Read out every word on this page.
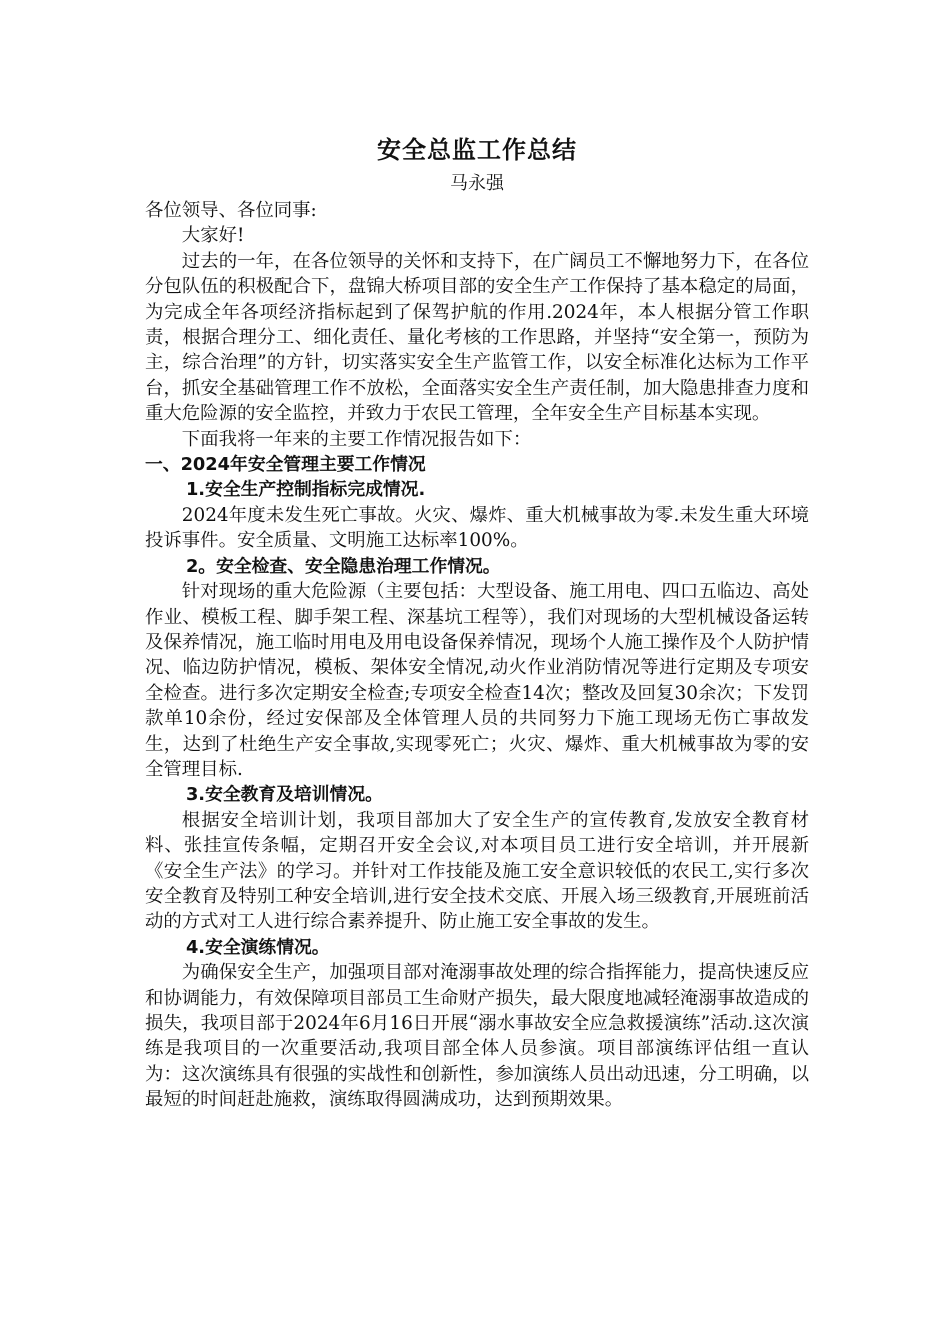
安全总监工作总结
马永强

各位领导、各位同事:

大家好!

过去的一年，在各位领导的关怀和支持下，在广阔员工不懈地努力下，在各位分包队伍的积极配合下，盘锦大桥项目部的安全生产工作保持了基本稳定的局面，为完成全年各项经济指标起到了保驾护航的作用.2024年，本人根据分管工作职责，根据合理分工、细化责任、量化考核的工作思路，并坚持“安全第一，预防为主，综合治理”的方针，切实落实安全生产监管工作，以安全标准化达标为工作平台，抓安全基础管理工作不放松，全面落实安全生产责任制，加大隐患排查力度和重大危险源的安全监控，并致力于农民工管理，全年安全生产目标基本实现。

下面我将一年来的主要工作情况报告如下：

一、2024年安全管理主要工作情况
1.安全生产控制指标完成情况.

2024年度未发生死亡事故。火灾、爆炸、重大机械事故为零.未发生重大环境投诉事件。安全质量、文明施工达标率100%。

2。安全检查、安全隐患治理工作情况。

针对现场的重大危险源（主要包括：大型设备、施工用电、四口五临边、高处作业、模板工程、脚手架工程、深基坑工程等），我们对现场的大型机械设备运转及保养情况，施工临时用电及用电设备保养情况，现场个人施工操作及个人防护情况、临边防护情况，模板、架体安全情况,动火作业消防情况等进行定期及专项安全检查。进行多次定期安全检查;专项安全检查14次；整改及回复30余次；下发罚款单10余份，经过安保部及全体管理人员的共同努力下施工现场无伤亡事故发生，达到了杜绝生产安全事故,实现零死亡；火灾、爆炸、重大机械事故为零的安全管理目标.

3.安全教育及培训情况。

根据安全培训计划，我项目部加大了安全生产的宣传教育,发放安全教育材料、张挂宣传条幅，定期召开安全会议,对本项目员工进行安全培训，并开展新《安全生产法》的学习。并针对工作技能及施工安全意识较低的农民工,实行多次安全教育及特别工种安全培训,进行安全技术交底、开展入场三级教育,开展班前活动的方式对工人进行综合素养提升、防止施工安全事故的发生。

4.安全演练情况。

为确保安全生产，加强项目部对淹溺事故处理的综合指挥能力，提高快速反应和协调能力，有效保障项目部员工生命财产损失，最大限度地减轻淹溺事故造成的损失，我项目部于2024年6月16日开展“溺水事故安全应急救援演练”活动.这次演练是我项目的一次重要活动,我项目部全体人员参演。项目部演练评估组一直认为：这次演练具有很强的实战性和创新性，参加演练人员出动迅速，分工明确，以最短的时间赶赴施救，演练取得圆满成功，达到预期效果。
